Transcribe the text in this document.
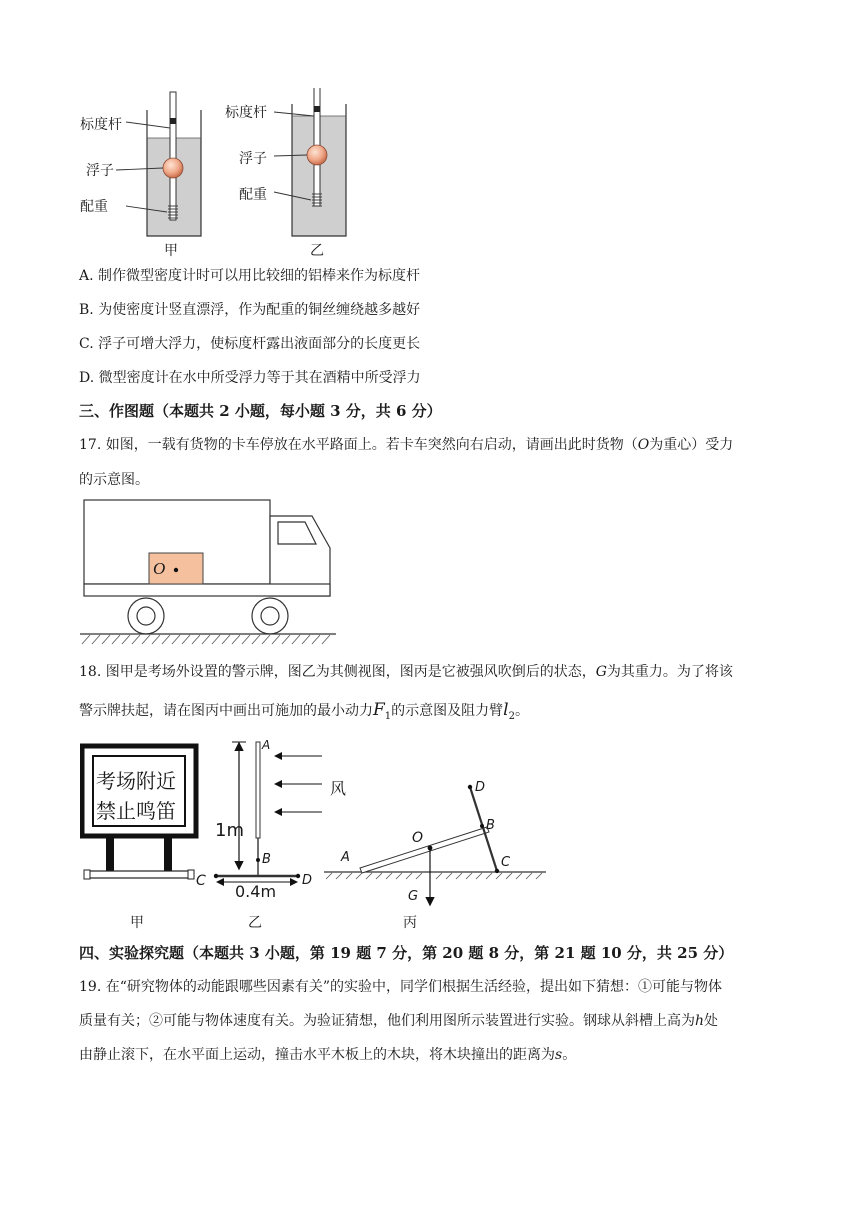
标度杆
浮子
配重
甲
标度杆
浮子
配重
乙
A. 制作微型密度计时可以用比较细的铝棒来作为标度杆
B. 为使密度计竖直漂浮，作为配重的铜丝缠绕越多越好
C. 浮子可增大浮力，使标度杆露出液面部分的长度更长
D. 微型密度计在水中所受浮力等于其在酒精中所受浮力
三、作图题（本题共 2 小题，每小题 3 分，共 6 分）
17. 如图，一载有货物的卡车停放在水平路面上。若卡车突然向右启动，请画出此时货物（O为重心）受力
的示意图。
O
18. 图甲是考场外设置的警示牌，图乙为其侧视图，图丙是它被强风吹倒后的状态，G为其重力。为了将该
警示牌扶起，请在图丙中画出可施加的最小动力$F_1$的示意图及阻力臂$l_2$。
考场附近
禁止鸣笛
C
甲
A
1m
风
B
D
0.4m
乙
D
B
O
A	C
G
丙
四、实验探究题（本题共 3 小题，第 19 题 7 分，第 20 题 8 分，第 21 题 10 分，共 25 分）
19. 在“研究物体的动能跟哪些因素有关”的实验中，同学们根据生活经验，提出如下猜想：①可能与物体
质量有关；②可能与物体速度有关。为验证猜想，他们利用图所示装置进行实验。钢球从斜槽上高为h处
由静止滚下，在水平面上运动，撞击水平木板上的木块，将木块撞出的距离为s。
